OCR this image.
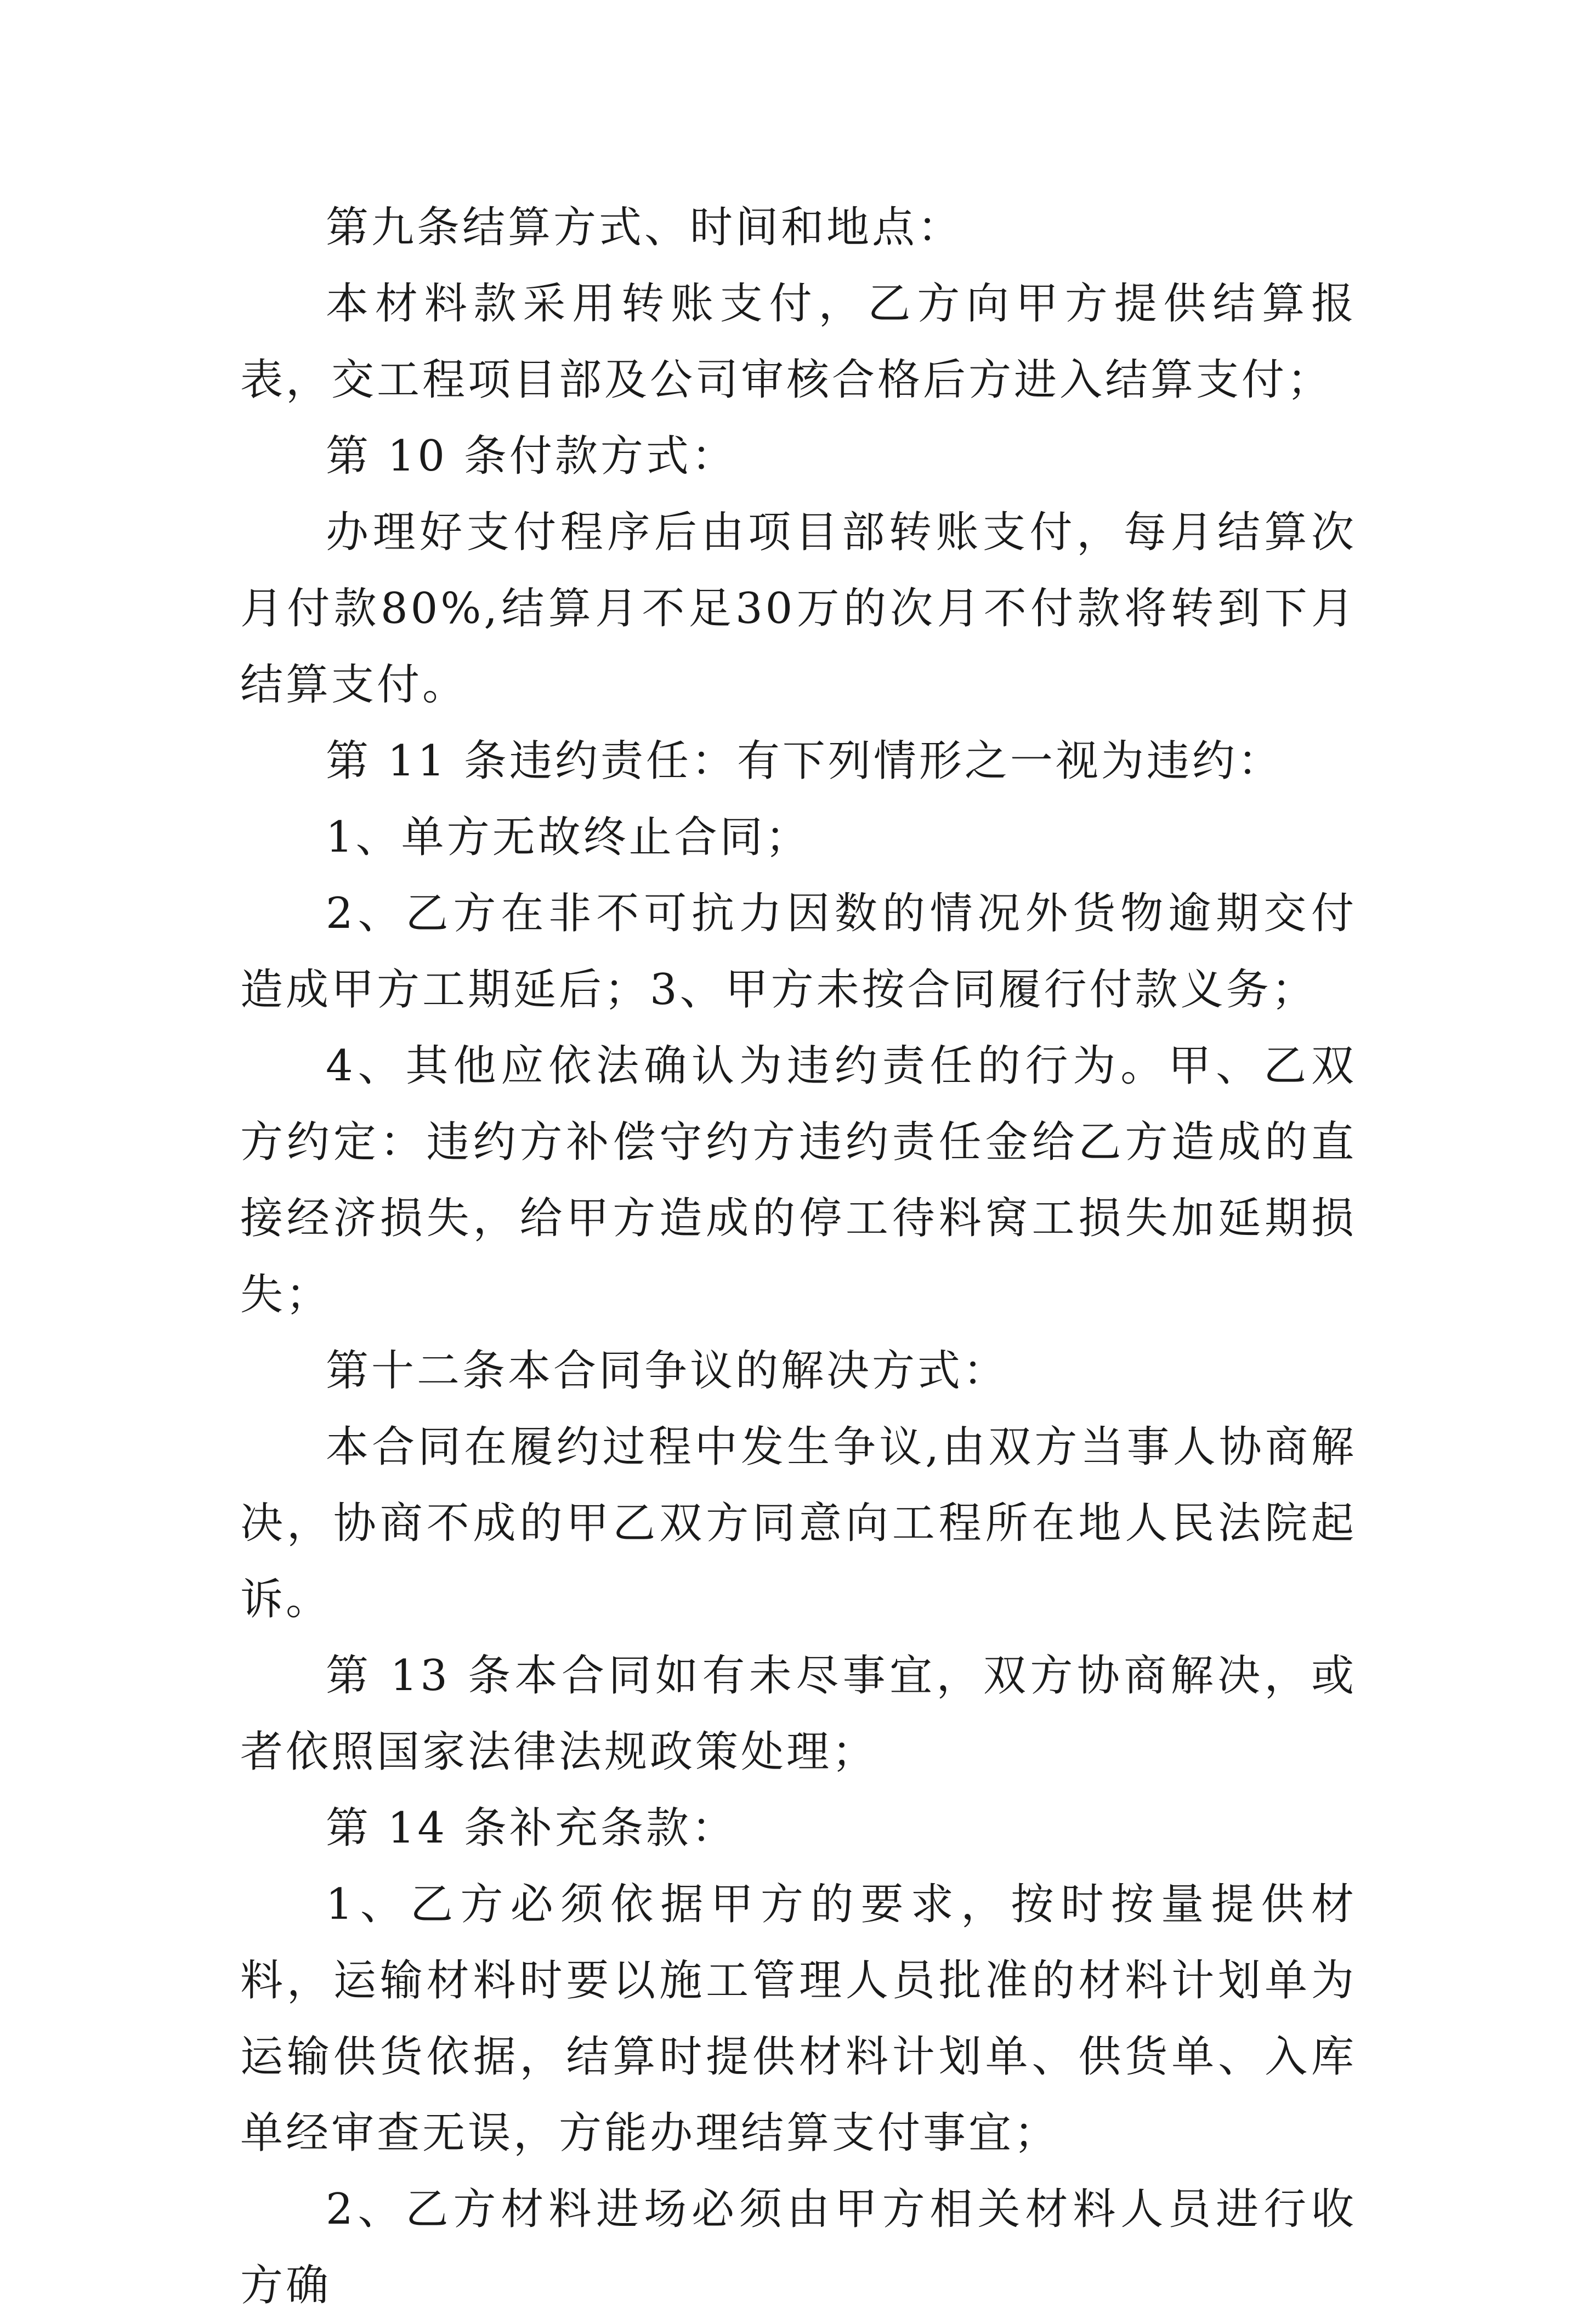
第九条结算方式、时间和地点：

本材料款采用转账支付，乙方向甲方提供结算报表，交工程项目部及公司审核合格后方进入结算支付；

第 10 条付款方式：

办理好支付程序后由项目部转账支付，每月结算次月付款80%,结算月不足30万的次月不付款将转到下月结算支付。

第 11 条违约责任：有下列情形之一视为违约：

1、单方无故终止合同；

2、乙方在非不可抗力因数的情况外货物逾期交付造成甲方工期延后；3、甲方未按合同履行付款义务；

4、其他应依法确认为违约责任的行为。甲、乙双方约定：违约方补偿守约方违约责任金给乙方造成的直接经济损失，给甲方造成的停工待料窝工损失加延期损失；

第十二条本合同争议的解决方式：

本合同在履约过程中发生争议,由双方当事人协商解决，协商不成的甲乙双方同意向工程所在地人民法院起诉。

第 13 条本合同如有未尽事宜，双方协商解决，或者依照国家法律法规政策处理；

第 14 条补充条款：

1、乙方必须依据甲方的要求，按时按量提供材料，运输材料时要以施工管理人员批准的材料计划单为运输供货依据，结算时提供材料计划单、供货单、入库单经审查无误，方能办理结算支付事宜；

2、乙方材料进场必须由甲方相关材料人员进行收方确
